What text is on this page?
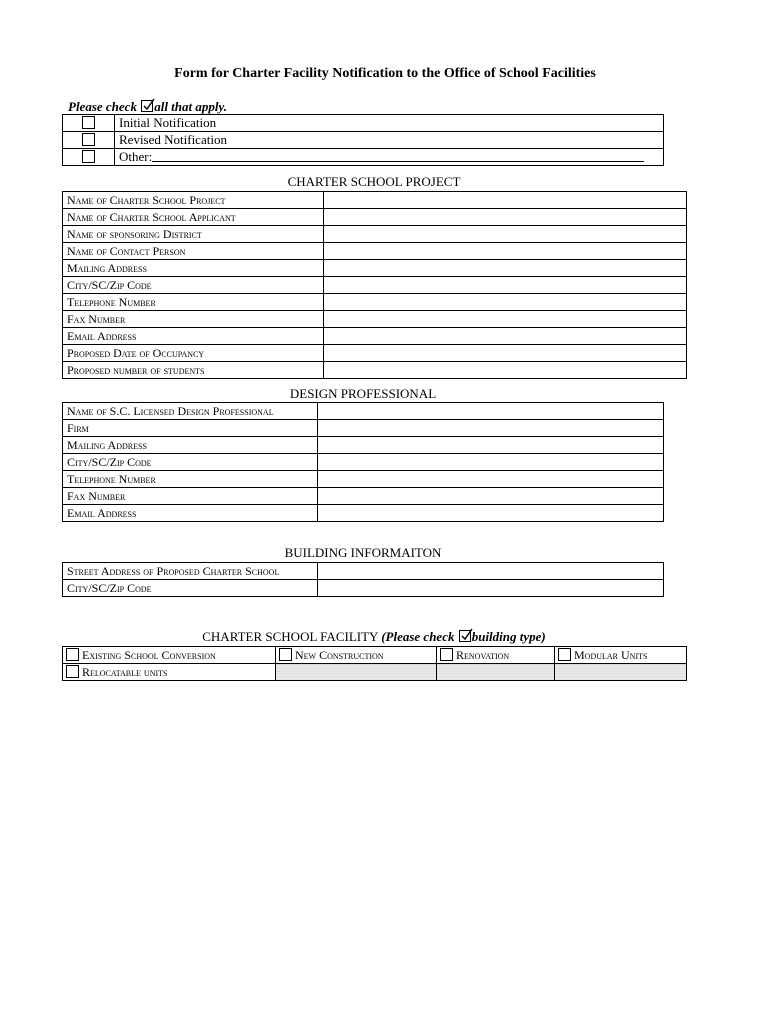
Form for Charter Facility Notification to the Office of School Facilities
Please check all that apply.
	Initial Notification
	Revised Notification
	Other:
CHARTER SCHOOL PROJECT
Name of Charter School Project	
Name of Charter School Applicant	
Name of sponsoring District	
Name of Contact Person	
Mailing Address	
City/SC/Zip Code	
Telephone Number	
Fax Number	
Email Address	
Proposed Date of Occupancy	
Proposed number of students	
DESIGN PROFESSIONAL
Name of S.C. Licensed Design Professional	
Firm	
Mailing Address	
City/SC/Zip Code	
Telephone Number	
Fax Number	
Email Address	
BUILDING INFORMAITON
Street Address of Proposed Charter School	
City/SC/Zip Code	
CHARTER SCHOOL FACILITY (Please check building type)
Existing School Conversion	New Construction	Renovation	Modular Units
Relocatable units			
